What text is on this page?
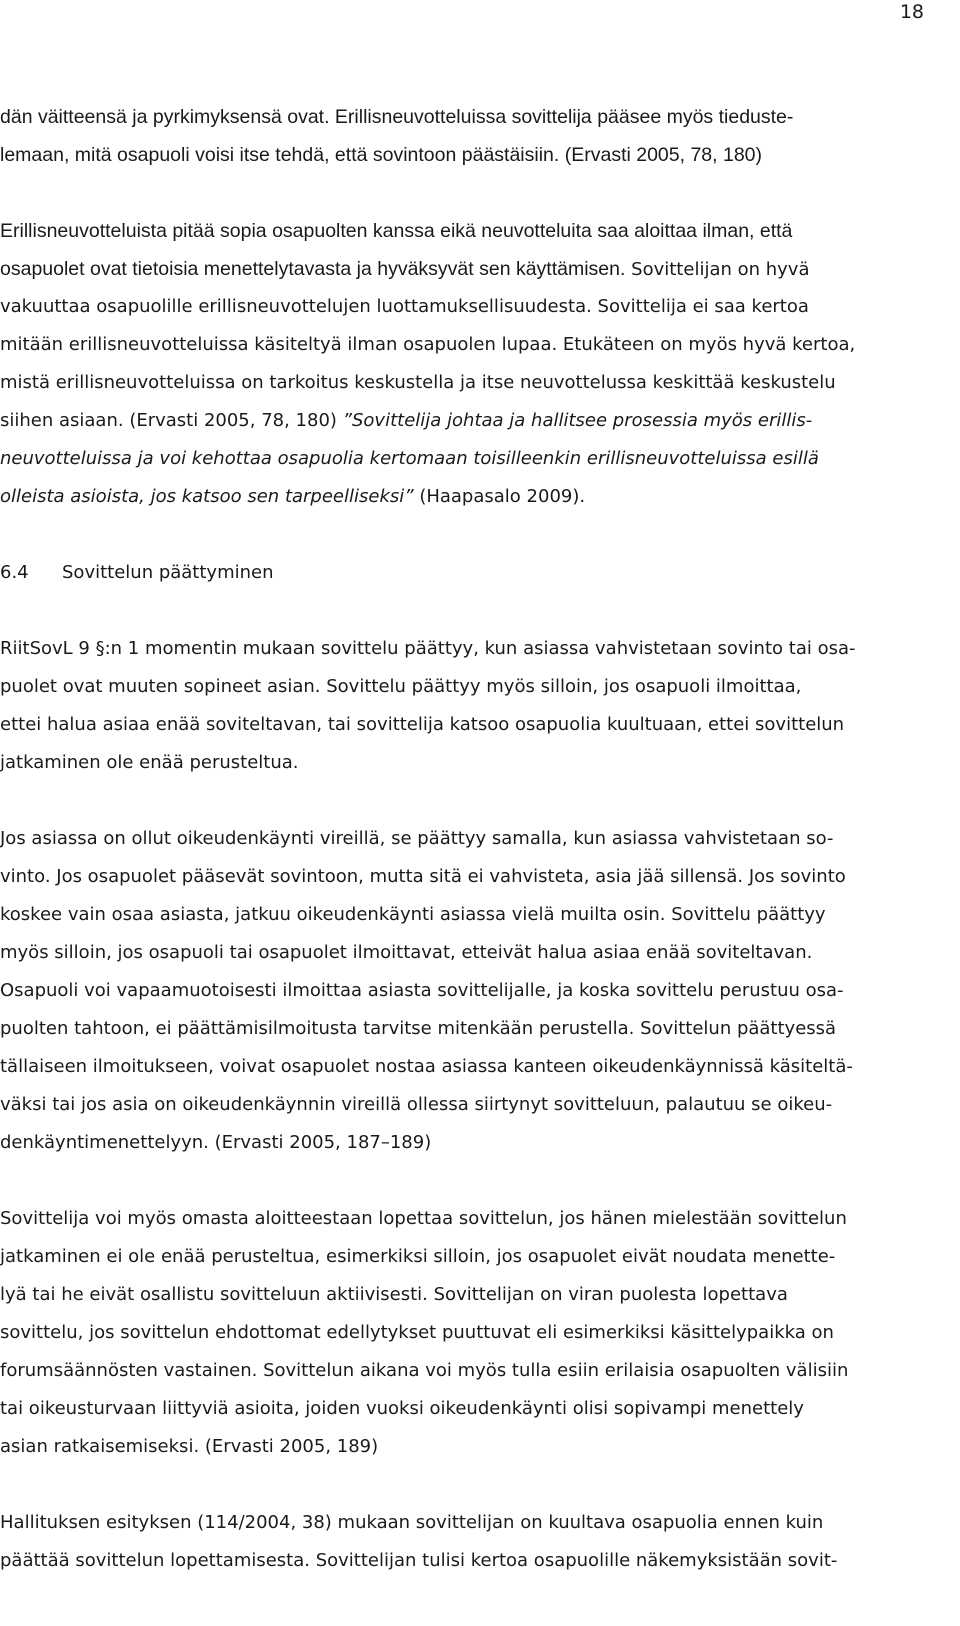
18
dän väitteensä ja pyrkimyksensä ovat. Erillisneuvotteluissa sovittelija pääsee myös tieduste-
lemaan, mitä osapuoli voisi itse tehdä, että sovintoon päästäisiin. (Ervasti 2005, 78, 180)
Erillisneuvotteluista pitää sopia osapuolten kanssa eikä neuvotteluita saa aloittaa ilman, että
osapuolet ovat tietoisia menettelytavasta ja hyväksyvät sen käyttämisen. Sovittelijan on hyvä
vakuuttaa osapuolille erillisneuvottelujen luottamuksellisuudesta. Sovittelija ei saa kertoa
mitään erillisneuvotteluissa käsiteltyä ilman osapuolen lupaa. Etukäteen on myös hyvä kertoa,
mistä erillisneuvotteluissa on tarkoitus keskustella ja itse neuvottelussa keskittää keskustelu
siihen asiaan. (Ervasti 2005, 78, 180) ”Sovittelija johtaa ja hallitsee prosessia myös erillis-
neuvotteluissa ja voi kehottaa osapuolia kertomaan toisilleenkin erillisneuvotteluissa esillä
olleista asioista, jos katsoo sen tarpeelliseksi” (Haapasalo 2009).
6.4 Sovittelun päättyminen
RiitSovL 9 §:n 1 momentin mukaan sovittelu päättyy, kun asiassa vahvistetaan sovinto tai osa-
puolet ovat muuten sopineet asian. Sovittelu päättyy myös silloin, jos osapuoli ilmoittaa,
ettei halua asiaa enää soviteltavan, tai sovittelija katsoo osapuolia kuultuaan, ettei sovittelun
jatkaminen ole enää perusteltua.
Jos asiassa on ollut oikeudenkäynti vireillä, se päättyy samalla, kun asiassa vahvistetaan so-
vinto. Jos osapuolet pääsevät sovintoon, mutta sitä ei vahvisteta, asia jää sillensä. Jos sovinto
koskee vain osaa asiasta, jatkuu oikeudenkäynti asiassa vielä muilta osin. Sovittelu päättyy
myös silloin, jos osapuoli tai osapuolet ilmoittavat, etteivät halua asiaa enää soviteltavan.
Osapuoli voi vapaamuotoisesti ilmoittaa asiasta sovittelijalle, ja koska sovittelu perustuu osa-
puolten tahtoon, ei päättämisilmoitusta tarvitse mitenkään perustella. Sovittelun päättyessä
tällaiseen ilmoitukseen, voivat osapuolet nostaa asiassa kanteen oikeudenkäynnissä käsiteltä-
väksi tai jos asia on oikeudenkäynnin vireillä ollessa siirtynyt sovitteluun, palautuu se oikeu-
denkäyntimenettelyyn. (Ervasti 2005, 187–189)
Sovittelija voi myös omasta aloitteestaan lopettaa sovittelun, jos hänen mielestään sovittelun
jatkaminen ei ole enää perusteltua, esimerkiksi silloin, jos osapuolet eivät noudata menette-
lyä tai he eivät osallistu sovitteluun aktiivisesti. Sovittelijan on viran puolesta lopettava
sovittelu, jos sovittelun ehdottomat edellytykset puuttuvat eli esimerkiksi käsittelypaikka on
forumsäännösten vastainen. Sovittelun aikana voi myös tulla esiin erilaisia osapuolten välisiin
tai oikeusturvaan liittyviä asioita, joiden vuoksi oikeudenkäynti olisi sopivampi menettely
asian ratkaisemiseksi. (Ervasti 2005, 189)
Hallituksen esityksen (114/2004, 38) mukaan sovittelijan on kuultava osapuolia ennen kuin
päättää sovittelun lopettamisesta. Sovittelijan tulisi kertoa osapuolille näkemyksistään sovit-
